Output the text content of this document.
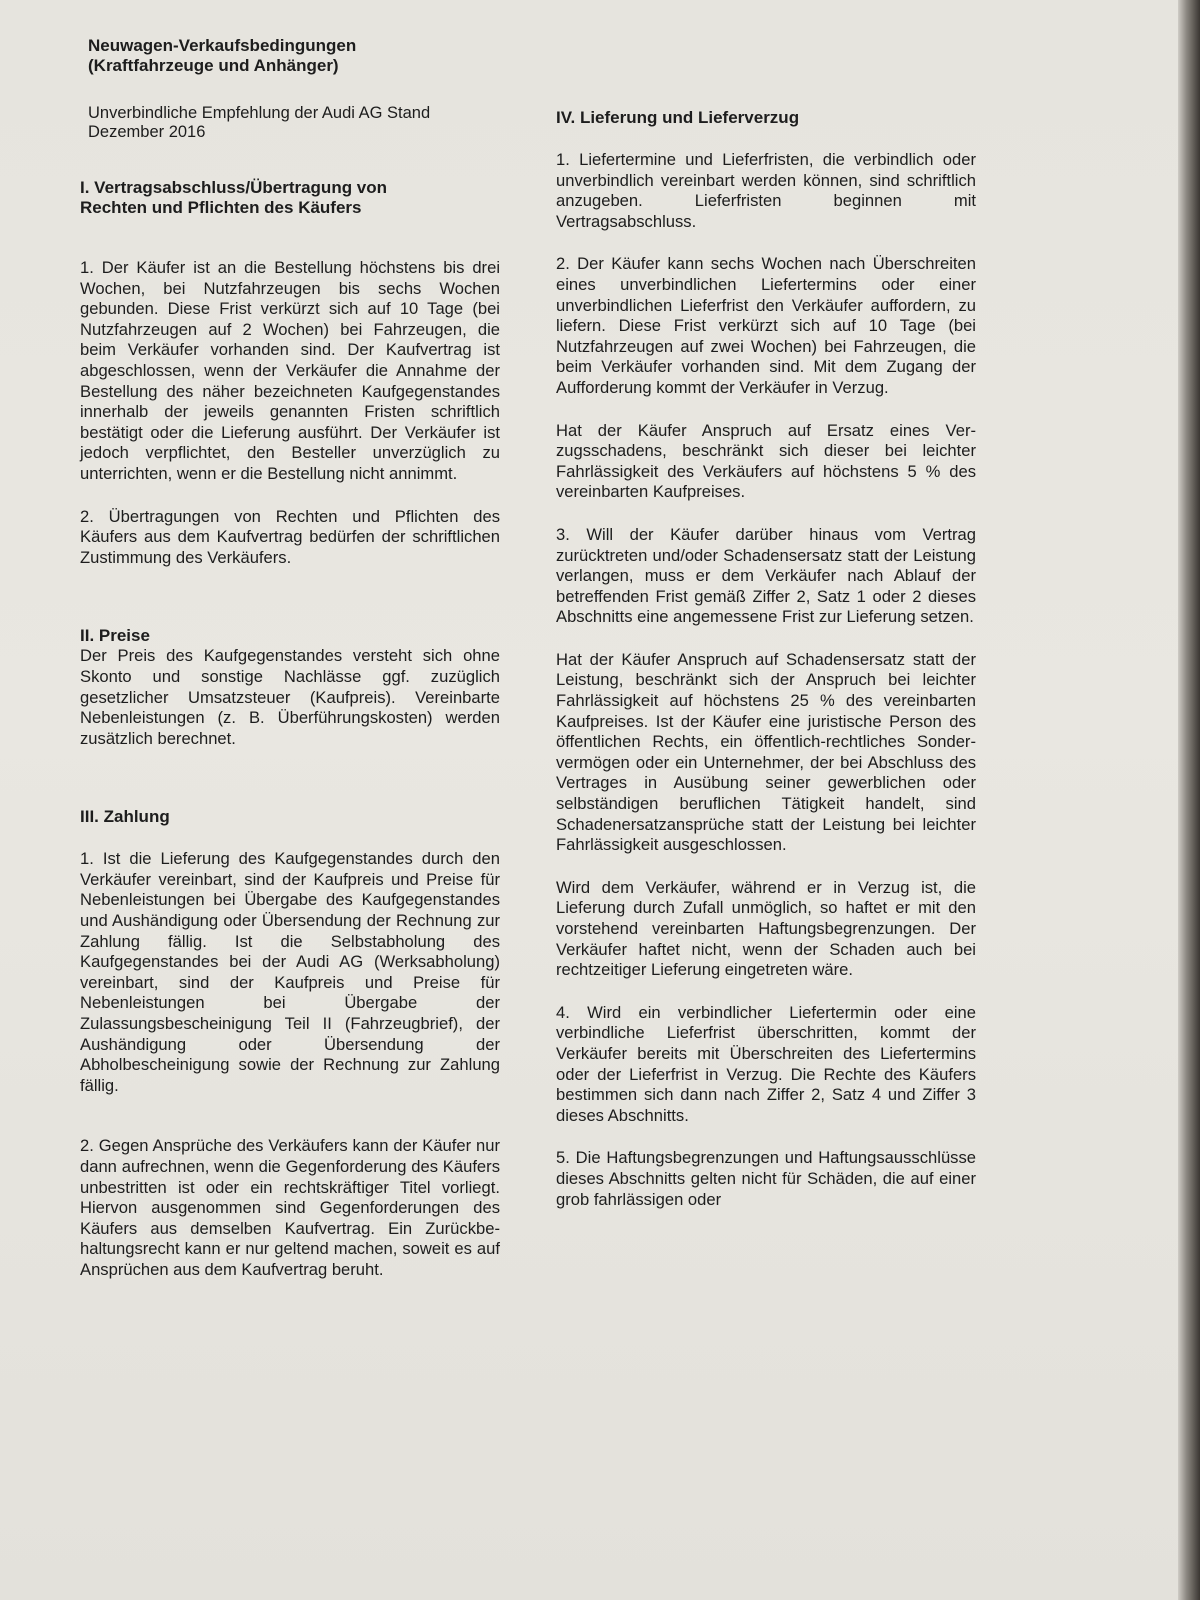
Neuwagen-Verkaufsbedingungen
(Kraftfahrzeuge und Anhänger)

Unverbindliche Empfehlung der Audi AG Stand
Dezember 2016

I. Vertragsabschluss/Übertragung von
Rechten und Pflichten des Käufers

1. Der Käufer ist an die Bestellung höchstens bis drei Wochen, bei Nutzfahrzeugen bis sechs Wochen gebunden. Diese Frist verkürzt sich auf 10 Tage (bei Nutzfahrzeugen auf 2 Wochen) bei Fahrzeugen, die beim Verkäufer vorhanden sind. Der Kaufvertrag ist abgeschlossen, wenn der Verkäufer die Annahme der Bestellung des näher bezeichneten Kaufgegenstandes innerhalb der jeweils genannten Fristen schriftlich bestätigt oder die Lieferung ausführt. Der Verkäufer ist jedoch verpflichtet, den Besteller unverzüglich zu unterrichten, wenn er die Bestellung nicht annimmt.

2. Übertragungen von Rechten und Pflichten des Käufers aus dem Kaufvertrag bedürfen der schriftlichen Zustimmung des Verkäufers.

II. Preise

Der Preis des Kaufgegenstandes versteht sich ohne Skonto und sonstige Nachlässe ggf. zuzüglich gesetzlicher Umsatzsteuer (Kaufpreis). Vereinbarte Nebenleistungen (z. B. Überführungskosten) werden zusätzlich berechnet.

III. Zahlung

1. Ist die Lieferung des Kaufgegenstandes durch den Verkäufer vereinbart, sind der Kaufpreis und Preise für Nebenleistungen bei Übergabe des Kaufgegenstandes und Aushändigung oder Übersendung der Rechnung zur Zahlung fällig. Ist die Selbstabholung des Kaufgegenstandes bei der Audi AG (Werksabholung) vereinbart, sind der Kaufpreis und Preise für Nebenleistungen bei Übergabe der Zulassungsbescheinigung Teil II (Fahrzeugbrief), der Aushändigung oder Übersendung der Abholbescheinigung sowie der Rechnung zur Zahlung fällig.

2. Gegen Ansprüche des Verkäufers kann der Käufer nur dann aufrechnen, wenn die Gegenforderung des Käufers unbestritten ist oder ein rechtskräftiger Titel vorliegt. Hiervon ausgenommen sind Gegenforderungen des Käufers aus demselben Kaufvertrag. Ein Zurückbehaltungsrecht kann er nur geltend machen, soweit es auf Ansprüchen aus dem Kaufvertrag beruht.

IV. Lieferung und Lieferverzug

1. Liefertermine und Lieferfristen, die verbindlich oder unverbindlich vereinbart werden können, sind schriftlich anzugeben. Lieferfristen beginnen mit Vertragsabschluss.

2. Der Käufer kann sechs Wochen nach Überschreiten eines unverbindlichen Liefertermins oder einer unverbindlichen Lieferfrist den Verkäufer auffordern, zu liefern. Diese Frist verkürzt sich auf 10 Tage (bei Nutzfahrzeugen auf zwei Wochen) bei Fahrzeugen, die beim Verkäufer vorhanden sind. Mit dem Zugang der Aufforderung kommt der Verkäufer in Verzug.

Hat der Käufer Anspruch auf Ersatz eines Verzugsschadens, beschränkt sich dieser bei leichter Fahrlässigkeit des Verkäufers auf höchstens 5 % des vereinbarten Kaufpreises.

3. Will der Käufer darüber hinaus vom Vertrag zurücktreten und/oder Schadensersatz statt der Leistung verlangen, muss er dem Verkäufer nach Ablauf der betreffenden Frist gemäß Ziffer 2, Satz 1 oder 2 dieses Abschnitts eine angemessene Frist zur Lieferung setzen.

Hat der Käufer Anspruch auf Schadensersatz statt der Leistung, beschränkt sich der Anspruch bei leichter Fahrlässigkeit auf höchstens 25 % des vereinbarten Kaufpreises. Ist der Käufer eine juristische Person des öffentlichen Rechts, ein öffentlich-rechtliches Sondervermögen oder ein Unternehmer, der bei Abschluss des Vertrages in Ausübung seiner gewerblichen oder selbständigen beruflichen Tätigkeit handelt, sind Schadenersatzansprüche statt der Leistung bei leichter Fahrlässigkeit ausgeschlossen.

Wird dem Verkäufer, während er in Verzug ist, die Lieferung durch Zufall unmöglich, so haftet er mit den vorstehend vereinbarten Haftungsbegrenzungen. Der Verkäufer haftet nicht, wenn der Schaden auch bei rechtzeitiger Lieferung eingetreten wäre.

4. Wird ein verbindlicher Liefertermin oder eine verbindliche Lieferfrist überschritten, kommt der Verkäufer bereits mit Überschreiten des Liefertermins oder der Lieferfrist in Verzug. Die Rechte des Käufers bestimmen sich dann nach Ziffer 2, Satz 4 und Ziffer 3 dieses Abschnitts.

5. Die Haftungsbegrenzungen und Haftungsausschlüsse dieses Abschnitts gelten nicht für Schäden, die auf einer grob fahrlässigen oder
